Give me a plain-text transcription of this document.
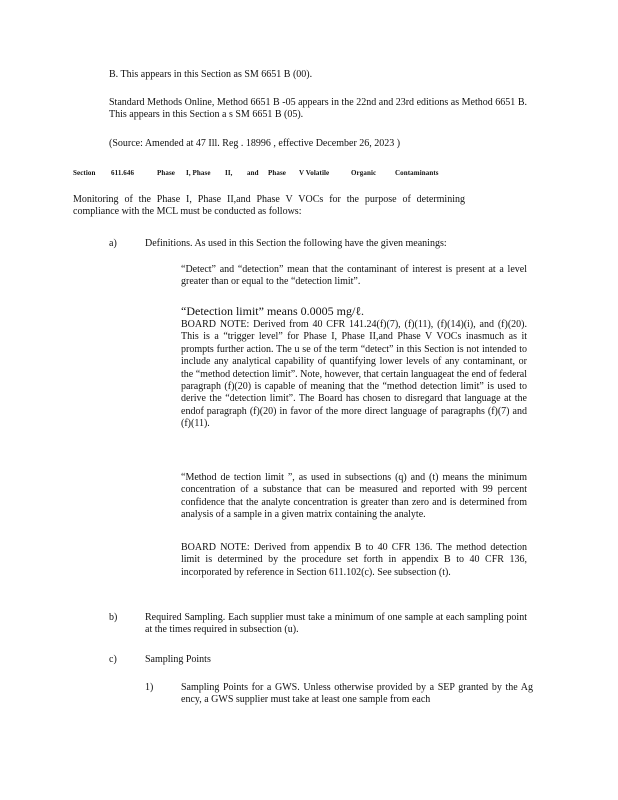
B. This appears in this Section as SM 6651 B (00).

Standard Methods Online, Method 6651 B -05 appears in the 22nd and 23rd editions as Method 6651 B. This appears in this Section a s SM 6651 B (05).

(Source: Amended at 47 Ill. Reg . 18996 , effective December 26, 2023 )

Section 611.646	Phase I, Phase II, and Phase V Volatile	Organic	Contaminants

Monitoring of the Phase I, Phase II,and Phase V VOCs for the purpose of determining compliance with the MCL must be conducted as follows:

a)	Definitions. As used in this Section the following have the given meanings:

“Detect” and “detection” mean that the contaminant of interest is present at a level greater than or equal to the “detection limit”.

“Detection limit” means 0.0005 mg/ℓ.

BOARD NOTE: Derived from 40 CFR 141.24(f)(7), (f)(11), (f)(14)(i), and (f)(20). This is a “trigger level” for Phase I, Phase II,and Phase V VOCs inasmuch as it prompts further action. The u se of the term “detect” in this Section is not intended to include any analytical capability of quantifying lower levels of any contaminant, or the “method detection limit”. Note, however, that certain languageat the end of federal paragraph (f)(20) is capable of meaning that the “method detection limit” is used to derive the “detection limit”. The Board has chosen to disregard that language at the endof paragraph (f)(20) in favor of the more direct language of paragraphs (f)(7) and (f)(11).

“Method de tection limit ”, as used in subsections (q) and (t) means the minimum concentration of a substance that can be measured and reported with 99 percent confidence that the analyte concentration is greater than zero and is determined from analysis of a sample in a given matrix containing the analyte.

BOARD NOTE: Derived from appendix B to 40 CFR 136. The method detection limit is determined by the procedure set forth in appendix B to 40 CFR 136, incorporated by reference in Section 611.102(c). See subsection (t).

b)	Required Sampling. Each supplier must take a minimum of one sample at each sampling point at the times required in subsection (u).

c)	Sampling Points

1)	Sampling Points for a GWS. Unless otherwise provided by a SEP granted by the Ag ency, a GWS supplier must take at least one sample from each
